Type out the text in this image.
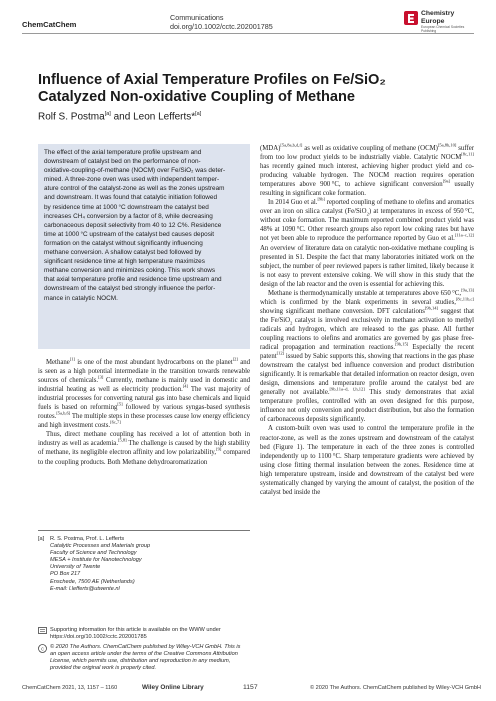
ChemCatChem
Communications
doi.org/10.1002/cctc.202001785
Chemistry
Europe
European Chemical Societies Publishing
Influence of Axial Temperature Profiles on Fe/SiO₂ Catalyzed Non-oxidative Coupling of Methane
Rolf S. Postma[a] and Leon Lefferts*[a]

The effect of the axial temperature profile upstream and
downstream of catalyst bed on the performance of non-
oxidative-coupling-of-methane (NOCM) over Fe/SiO₂ was deter-
mined. A three-zone oven was used with independent temper-
ature control of the catalyst-zone as well as the zones upstream
and downstream. It was found that catalytic initiation followed
by residence time at 1000 °C downstream the catalyst bed
increases CH₄ conversion by a factor of 8, while decreasing
carbonaceous deposit selectivity from 40 to 12 C%. Residence
time at 1000 °C upstream of the catalyst bed causes deposit
formation on the catalyst without significantly influencing
methane conversion. A shallow catalyst bed followed by
significant residence time at high temperature maximizes
methane conversion and minimizes coking. This work shows
that axial temperature profile and residence time upstream and
downstream of the catalyst bed strongly influence the perfor-
mance in catalytic NOCM.

Methane[1] is one of the most abundant hydrocarbons on the planet[2] and is seen as a high potential intermediate in the transition towards renewable sources of chemicals.[3] Currently, methane is mainly used in domestic and industrial heating as well as electricity production.[4] The vast majority of industrial processes for converting natural gas into base chemicals and liquid fuels is based on reforming[5] followed by various syngas-based synthesis routes.[5a,b,6] The multiple steps in these processes cause low energy efficiency and high investment costs.[6c,7]

Thus, direct methane coupling has received a lot of attention both in industry as well as academia.[5,8] The challenge is caused by the high stability of methane, its negligible electron affinity and low polarizability,[9] compared to the coupling products. Both Methane dehydroaromatization

(MDA)[5a,8a,b,d,f] as well as oxidative coupling of methane (OCM)[5a,8b,10] suffer from too low product yields to be industrially viable. Catalytic NOCM[8c,11] has recently gained much interest, achieving higher product yield and co-producing valuable hydrogen. The NOCM reaction requires operation temperatures above 900 °C, to achieve significant conversion[9a] usually resulting in significant coke formation.

In 2014 Guo et al.[9b] reported coupling of methane to olefins and aromatics over an iron on silica catalyst (Fe/SiO$_2$) at temperatures in excess of 950 °C, without coke formation. The maximum reported combined product yield was 48% at 1090 °C. Other research groups also report low coking rates but have not yet been able to reproduce the performance reported by Guo et al.[11a–c,12] An overview of literature data on catalytic non-oxidative methane coupling is presented in S1. Despite the fact that many laboratories initiated work on the subject, the number of peer reviewed papers is rather limited, likely because it is not easy to prevent extensive coking. We will show in this study that the design of the lab reactor and the oven is essential for achieving this.

Methane is thermodynamically unstable at temperatures above 650 °C,[9a,13] which is confirmed by the blank experiments in several studies,[8c,11b,c] showing significant methane conversion. DFT calculations[9b,14] suggest that the Fe/SiO$_2$ catalyst is involved exclusively in methane activation to methyl radicals and hydrogen, which are released to the gas phase. All further coupling reactions to olefins and aromatics are governed by gas phase free-radical propagation and termination reactions.[9b,15] Especially the recent patent[12] issued by Sabic supports this, showing that reactions in the gas phase downstream the catalyst bed influence conversion and product distribution significantly. It is remarkable that detailed information on reactor design, oven design, dimensions and temperature profile around the catalyst bed are generally not available.[9b,11a–d, f,h,12] This study demonstrates that axial temperature profiles, controlled with an oven designed for this purpose, influence not only conversion and product distribution, but also the formation of carbonaceous deposits significantly.

A custom-built oven was used to control the temperature profile in the reactor-zone, as well as the zones upstream and downstream of the catalyst bed (Figure 1). The temperature in each of the three zones is controlled independently up to 1100 °C. Sharp temperature gradients were achieved by using close fitting thermal insulation between the zones. Residence time at high temperature upstream, inside and downstream of the catalyst bed were systematically changed by varying the amount of catalyst, the position of the catalyst bed inside the

[a] R. S. Postma, Prof. L. Lefferts
Catalytic Processes and Materials group
Faculty of Science and Technology
MESA + Institute for Nanotechnology
University of Twente
PO Box 217
Enschede, 7500 AE (Netherlands)
E-mail: l.lefferts@utwente.nl
Supporting information for this article is available on the WWW under
https://doi.org/10.1002/cctc.202001785
c © 2020 The Authors. ChemCatChem published by Wiley-VCH GmbH. This is
an open access article under the terms of the Creative Commons Attribution
License, which permits use, distribution and reproduction in any medium,
provided the original work is properly cited.
ChemCatChem 2021, 13, 1157 – 1160	Wiley Online Library	1157	© 2020 The Authors. ChemCatChem published by Wiley-VCH GmbH
